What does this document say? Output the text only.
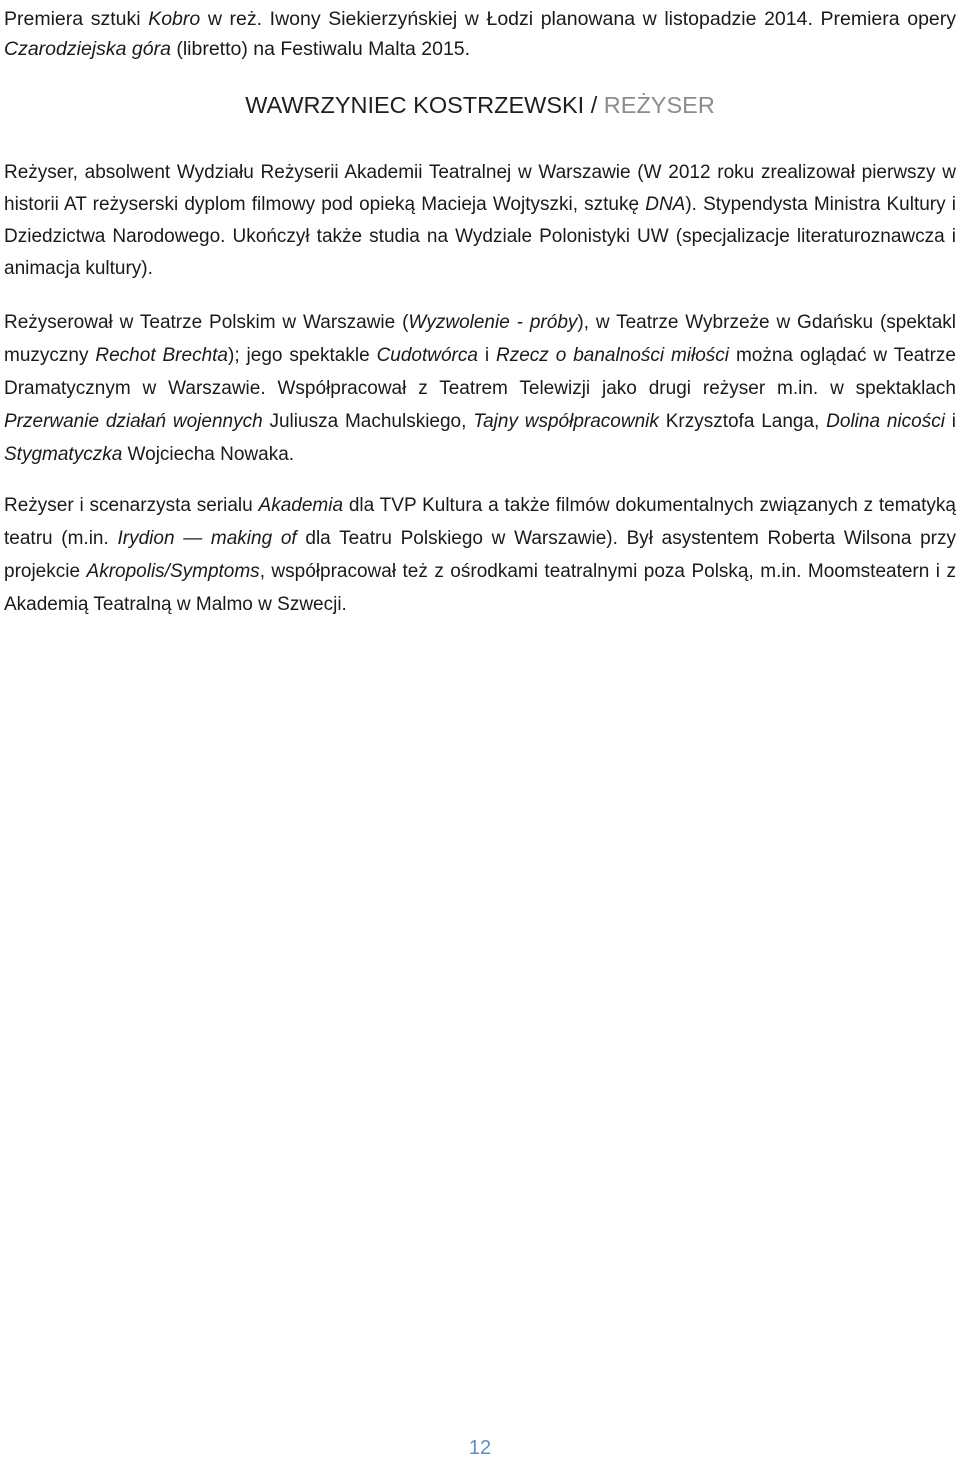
Premiera sztuki Kobro w reż. Iwony Siekierzyńskiej w Łodzi planowana w listopadzie 2014. Premiera opery Czarodziejska góra (libretto) na Festiwalu Malta 2015.

WAWRZYNIEC KOSTRZEWSKI / REŻYSER

Reżyser, absolwent Wydziału Reżyserii Akademii Teatralnej w Warszawie (W 2012 roku zrealizował pierwszy w historii AT reżyserski dyplom filmowy pod opieką Macieja Wojtyszki, sztukę DNA). Stypendysta Ministra Kultury i Dziedzictwa Narodowego. Ukończył także studia na Wydziale Polonistyki UW (specjalizacje literaturoznawcza i animacja kultury).

Reżyserował w Teatrze Polskim w Warszawie (Wyzwolenie - próby), w Teatrze Wybrzeże w Gdańsku (spektakl muzyczny Rechot Brechta); jego spektakle Cudotwórca i Rzecz o banalności miłości można oglądać w Teatrze Dramatycznym w Warszawie. Współpracował z Teatrem Telewizji jako drugi reżyser m.in. w spektaklach Przerwanie działań wojennych Juliusza Machulskiego, Tajny współpracownik Krzysztofa Langa, Dolina nicości i Stygmatyczka Wojciecha Nowaka.

Reżyser i scenarzysta serialu Akademia dla TVP Kultura a także filmów dokumentalnych związanych z tematyką teatru (m.in. Irydion — making of dla Teatru Polskiego w Warszawie). Był asystentem Roberta Wilsona przy projekcie Akropolis/Symptoms, współpracował też z ośrodkami teatralnymi poza Polską, m.in. Moomsteatern i z Akademią Teatralną w Malmo w Szwecji.

12
